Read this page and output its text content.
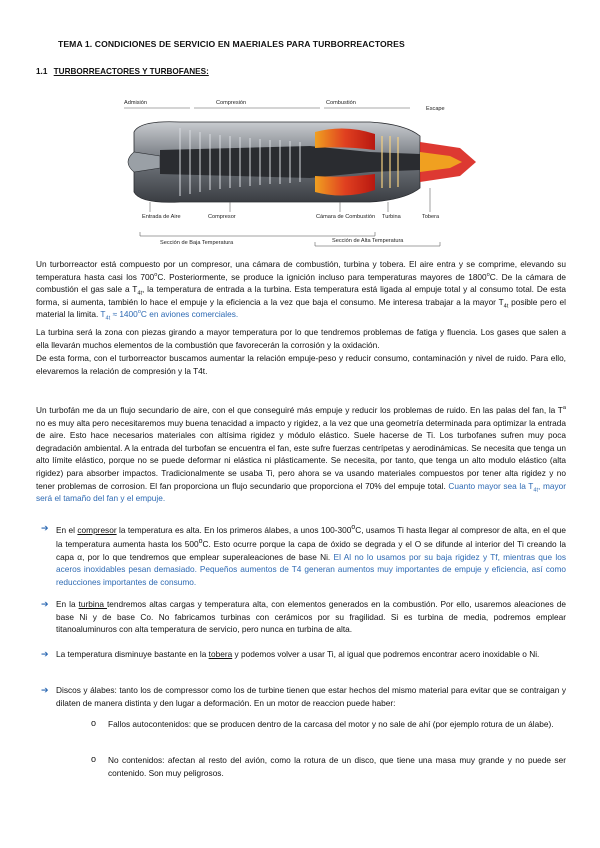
TEMA 1. CONDICIONES DE SERVICIO EN MAERIALES PARA TURBORREACTORES
1.1 TURBORREACTORES Y TURBOFANES:
Admisión	Compresión	Combustión
Escape
Entrada de Aire	Compresor	Cámara de Combustión Turbina	Tobera
Sección de Baja Temperatura	Sección de Alta Temperatura

Un turborreactor está compuesto por un compresor, una cámara de combustión, turbina y tobera. El aire entra y se comprime, elevando su temperatura hasta casi los 700$^o$C. Posteriormente, se produce la ignición incluso para temperaturas mayores de 1800$^o$C. De la cámara de combustión el gas sale a $T_{4t}$, la temperatura de entrada a la turbina. Esta temperatura está ligada al empuje total y al consumo total. De esta forma, si aumenta, también lo hace el empuje y la eficiencia a la vez que baja el consumo. Me interesa trabajar a la mayor $T_{4t}$ posible pero el material la limita. $T_{4t} \approx 1400^oC$ en aviones comerciales.

La turbina será la zona con piezas girando a mayor temperatura por lo que tendremos problemas de fatiga y fluencia. Los gases que salen a ella llevarán muchos elementos de la combustión que favorecerán la corrosión y la oxidación.

De esta forma, con el turborreactor buscamos aumentar la relación empuje-peso y reducir consumo, contaminación y nivel de ruido. Para ello, elevaremos la relación de compresión y la T4t.

Un turbofán me da un flujo secundario de aire, con el que conseguiré más empuje y reducir los problemas de ruido. En las palas del fan, la $T^a$ no es muy alta pero necesitaremos muy buena tenacidad a impacto y rigidez, a la vez que una geometría determinada para optimizar la entrada de aire. Esto hace necesarios materiales con altísima rigidez y módulo elástico. Suele hacerse de Ti. Los turbofanes sufren muy poca degradación ambiental. A la entrada del turbofan se encuentra el fan, este sufre fuerzas centrípetas y aerodinámicas. Se necesita que tenga un alto límite elástico, porque no se puede deformar ni elástica ni plásticamente. Se necesita, por tanto, que tenga un alto modulo elástico (alta rigidez) para absorber impactos. Tradicionalmente se usaba Ti, pero ahora se va usando materiales compuestos por tener alta rigidez y no tener problemas de corrosion. El fan proporciona un flujo secundario que proporciona el 70% del empuje total. Cuanto mayor sea la $T_{4t}$, mayor será el tamaño del fan y el empuje.

➔ En el compresor la temperatura es alta. En los primeros álabes, a unos 100-300$^o$C, usamos Ti hasta llegar al compresor de alta, en el que la temperatura aumenta hasta los 500$^o$C. Esto ocurre porque la capa de óxido se degrada y el O se difunde al interior del Ti creando la capa α, por lo que tendremos que emplear superaleaciones de base Ni. El Al no lo usamos por su baja rigidez y Tf, mientras que los aceros inoxidables pesan demasiado. Pequeños aumentos de T4 generan aumentos muy importantes de empuje y eficiencia, así como reducciones importantes de consumo.
➔ En la turbina tendremos altas cargas y temperatura alta, con elementos generados en la combustión. Por ello, usaremos aleaciones de base Ni y de base Co. No fabricamos turbinas con cerámicos por su fragilidad. Si es turbina de media, podremos emplear titanoaluminuros con alta temperatura de servicio, pero nunca en turbina de alta.
➔ La temperatura disminuye bastante en la tobera y podemos volver a usar Ti, al igual que podremos encontrar acero inoxidable o Ni.
➔ Discos y álabes: tanto los de compressor como los de turbine tienen que estar hechos del mismo material para evitar que se contraigan y dilaten de manera distinta y den lugar a deformación. En un motor de reaccion puede haber:
o Fallos autocontenidos: que se producen dentro de la carcasa del motor y no sale de ahí (por ejemplo rotura de un álabe).
o No contenidos: afectan al resto del avión, como la rotura de un disco, que tiene una masa muy grande y no puede ser contenido. Son muy peligrosos.
